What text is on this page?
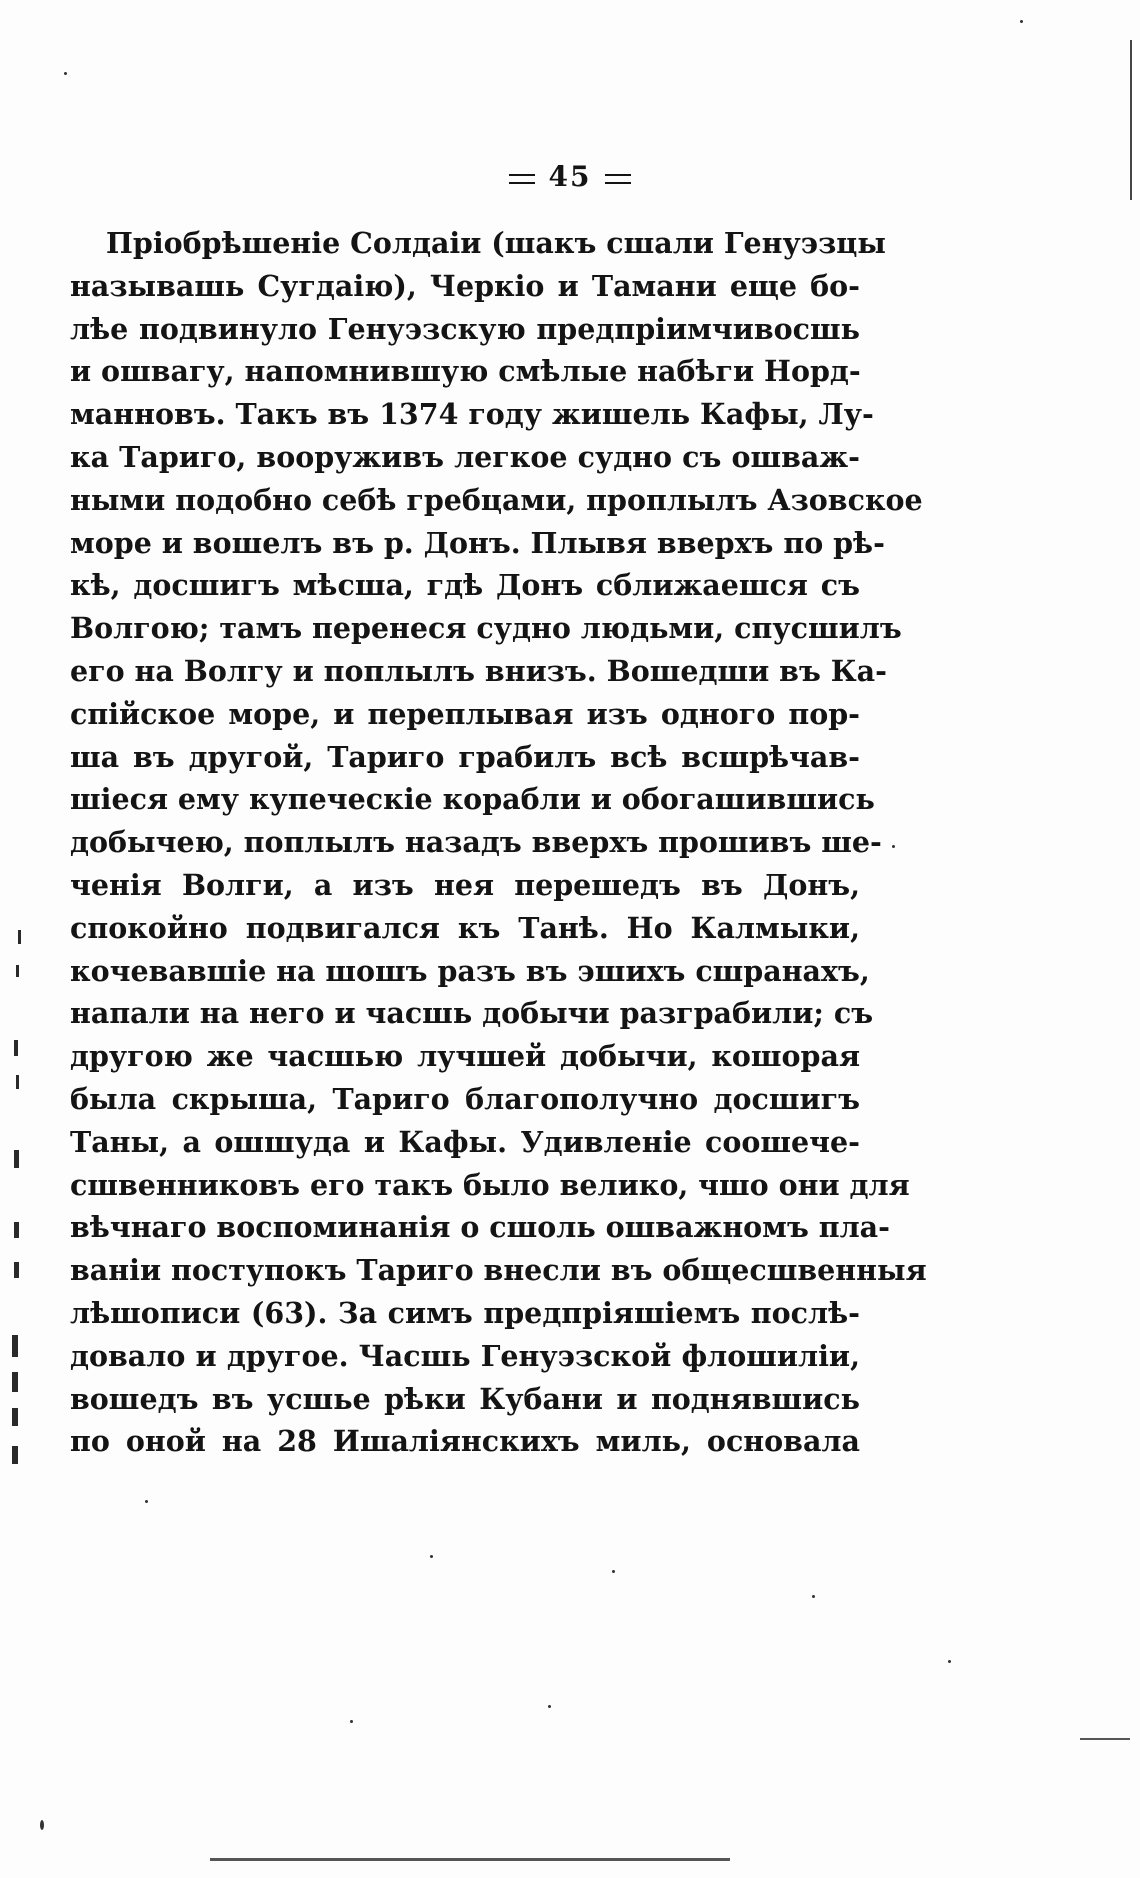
45
Пріобрѣшеніе Солдаіи (шакъ сшали Генуэзцы
называшь Сугдаію), Черкіо и Тамани еще бо-
лѣе подвинуло Генуэзскую предпріимчивосшь
и ошвагу, напомнившую смѣлые набѣги Норд-
манновъ. Такъ въ 1374 году жишель Кафы, Лу-
ка Тариго, вооруживъ легкое судно съ ошваж-
ными подобно себѣ гребцами, проплылъ Азовское
море и вошелъ въ р. Донъ. Плывя вверхъ по рѣ-
кѣ, досшигъ мѣсша, гдѣ Донъ сближаешся съ
Волгою; тамъ перенеся судно людьми, спусшилъ
его на Волгу и поплылъ внизъ. Вошедши въ Ка-
спійское море, и переплывая изъ одного пор-
ша въ другой, Тариго грабилъ всѣ всшрѣчав-
шіеся ему купеческіе корабли и обогашившись
добычею, поплылъ назадъ вверхъ прошивъ ше-
ченія Волги, а изъ нея перешедъ въ Донъ,
спокойно подвигался къ Танѣ. Но Калмыки,
кочевавшіе на шошъ разъ въ эшихъ сшранахъ,
напали на него и часшь добычи разграбили; съ
другою же часшью лучшей добычи, кошорая
была скрыша, Тариго благополучно досшигъ
Таны, а ошшуда и Кафы. Удивленіе соошече-
сшвенниковъ его такъ было велико, чшо они для
вѣчнаго воспоминанія о сшоль ошважномъ пла-
ваніи поступокъ Тариго внесли въ общесшвенныя
лѣшописи (63). За симъ предпріяшіемъ послѣ-
довало и другое. Часшь Генуэзской флошиліи,
вошедъ въ усшье рѣки Кубани и поднявшись
по оной на 28 Ишаліянскихъ миль, основала
